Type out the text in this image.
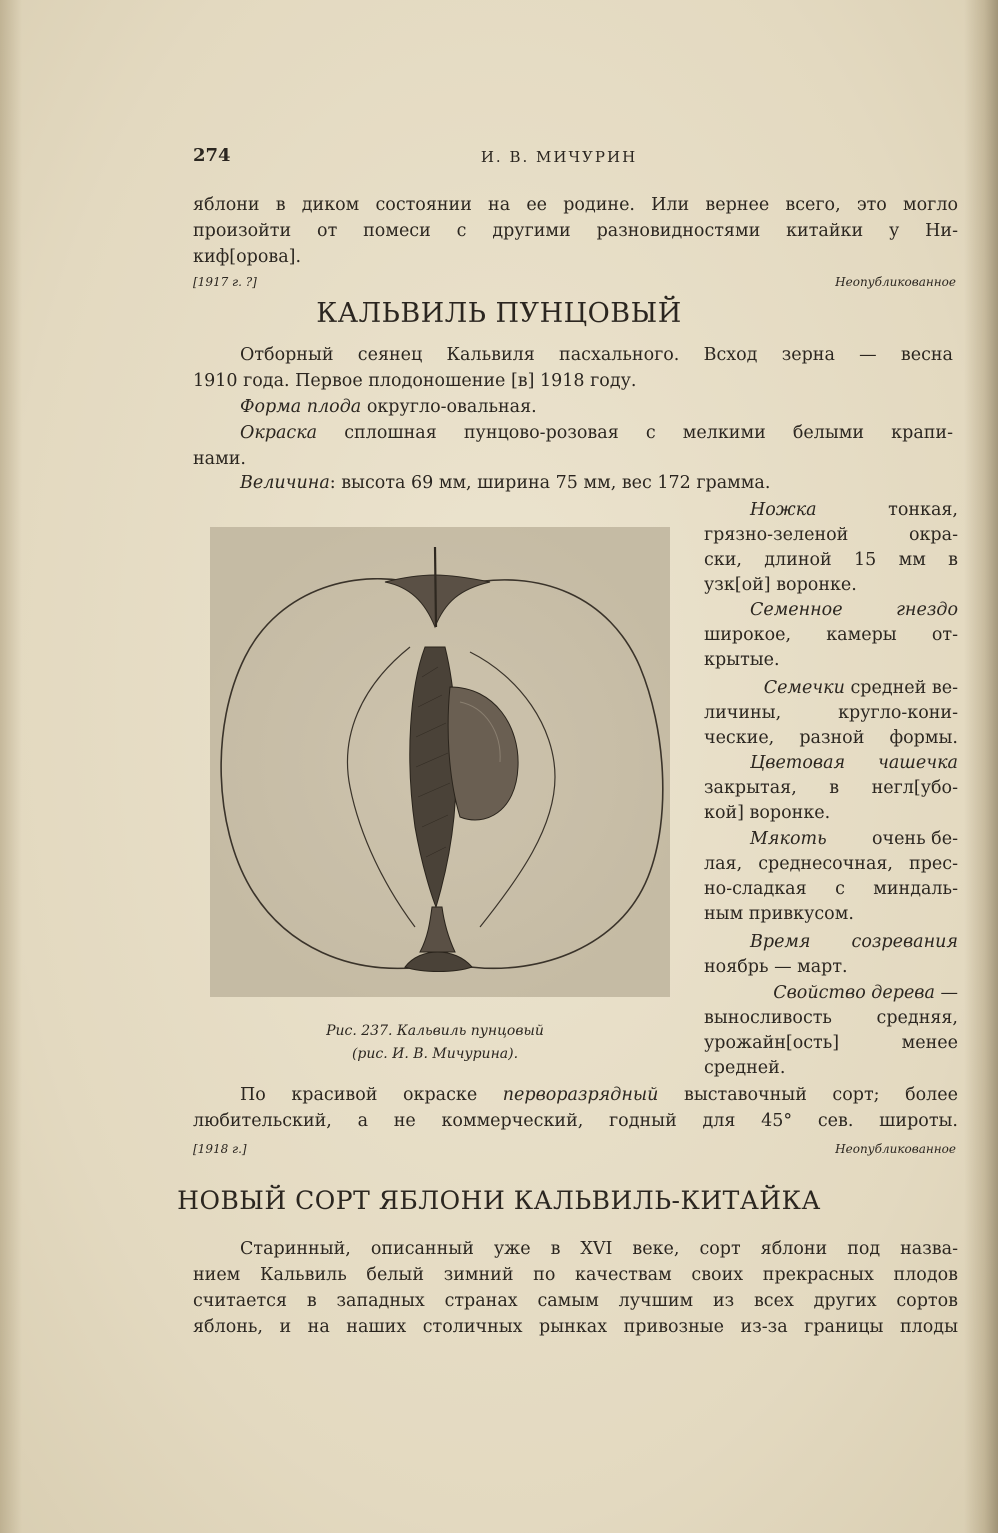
274	И. В. МИЧУРИН
яблони в диком состоянии на ее родине. Или вернее всего, это могло
произойти от помеси с другими разновидностями китайки у Ни-
киф[орова].
[1917 г. ?]	Неопубликованное
КАЛЬВИЛЬ ПУНЦОВЫЙ
Отборный сеянец Кальвиля пасхального. Всход зерна — весна
1910 года. Первое плодоношение [в] 1918 году.
Форма плода округло-овальная.
Окраска сплошная пунцово-розовая с мелкими белыми крапи-
нами.
Величина: высота 69 мм, ширина 75 мм, вес 172 грамма.
Ножка	тонкая,
грязно-зеленой окра-
ски, длиной 15 мм в
узк[ой] воронке.
Семенное гнездо
широкое, камеры от-
крытые.
Семечки средней ве-
личины, кругло-кони-
ческие, разной формы.
Цветовая чашечка
закрытая, в негл[убо-
кой] воронке.
Мякоть	очень бе-
лая, среднесочная, прес-
но-сладкая с миндаль-
ным привкусом.
Время созревания
ноябрь — март.
Свойство дерева —
выносливость средняя,
урожайн[ость] менее
средней.
Рис. 237. Кальвиль пунцовый
(рис. И. В. Мичурина).
По красивой окраске перворазрядный выставочный сорт; более
любительский, а не коммерческий, годный для 45° сев. широты.
[1918 г.]	Неопубликованное
НОВЫЙ СОРТ ЯБЛОНИ КАЛЬВИЛЬ-КИТАЙКА
Старинный, описанный уже в XVI веке, сорт яблони под назва-
нием Кальвиль белый зимний по качествам своих прекрасных плодов
считается в западных странах самым лучшим из всех других сортов
яблонь, и на наших столичных рынках привозные из-за границы плоды
